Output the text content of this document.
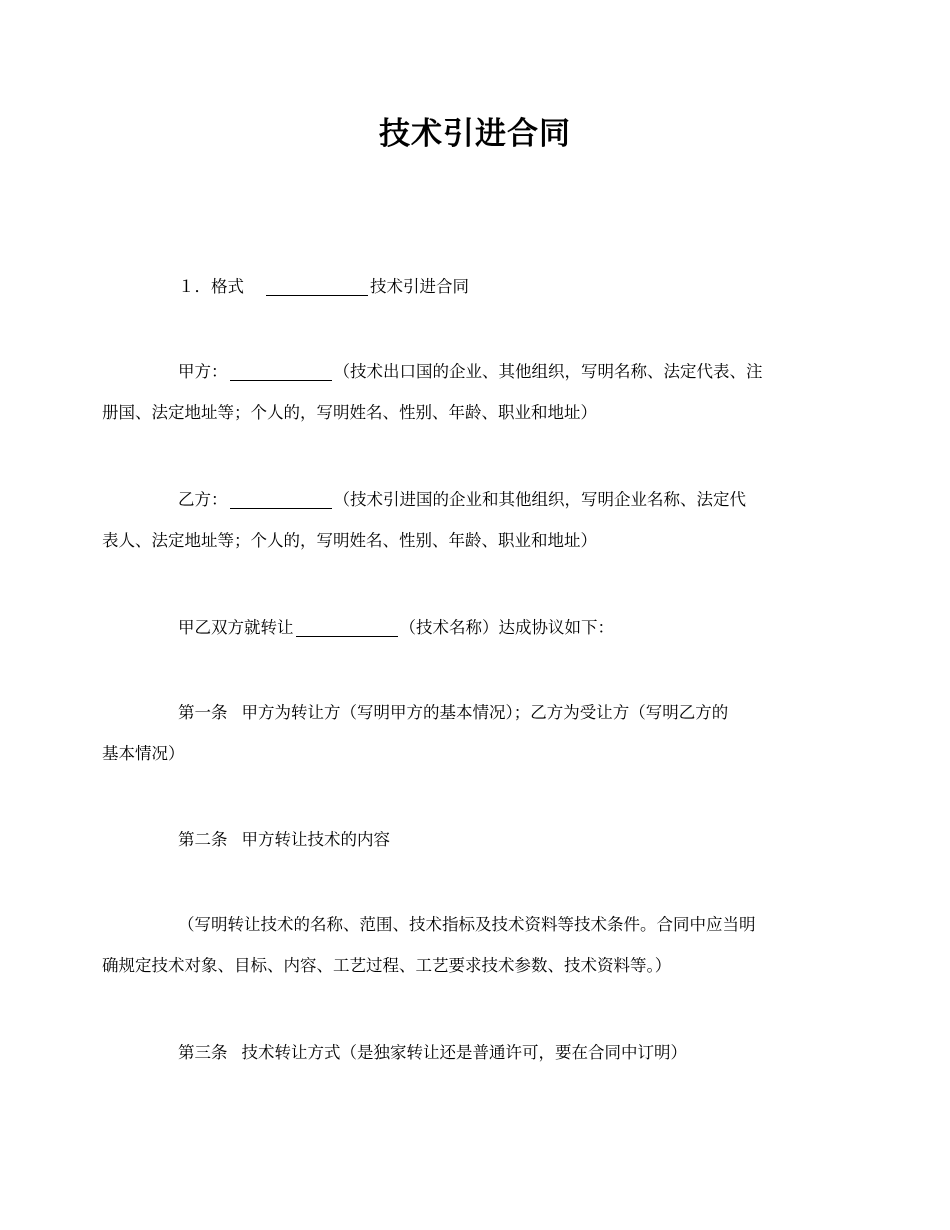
技术引进合同
１．格式	技术引进合同
甲方：	（技术出口国的企业、其他组织，写明名称、法定代表、注
册国、法定地址等；个人的，写明姓名、性别、年龄、职业和地址）
乙方：	（技术引进国的企业和其他组织，写明企业名称、法定代
表人、法定地址等；个人的，写明姓名、性别、年龄、职业和地址）
甲乙双方就转让	（技术名称）达成协议如下：
第一条 甲方为转让方（写明甲方的基本情况）；乙方为受让方（写明乙方的
基本情况）
第二条 甲方转让技术的内容
（写明转让技术的名称、范围、技术指标及技术资料等技术条件。合同中应当明
确规定技术对象、目标、内容、工艺过程、工艺要求技术参数、技术资料等。）
第三条 技术转让方式（是独家转让还是普通许可，要在合同中订明）
